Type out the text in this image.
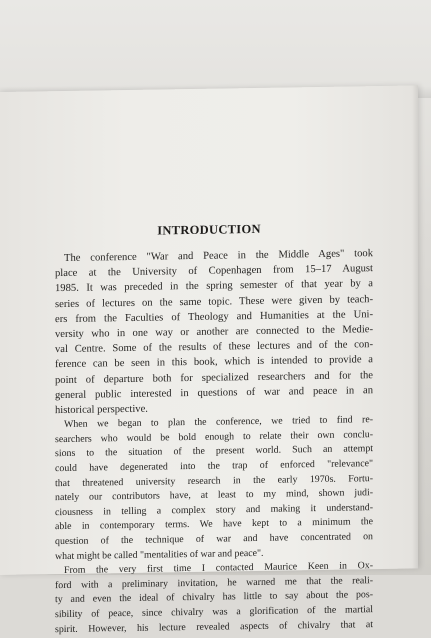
INTRODUCTION
The conference "War and Peace in the Middle Ages" took
place at the University of Copenhagen from 15–17 August
1985. It was preceded in the spring semester of that year by a
series of lectures on the same topic. These were given by teach-
ers from the Faculties of Theology and Humanities at the Uni-
versity who in one way or another are connected to the Medie-
val Centre. Some of the results of these lectures and of the con-
ference can be seen in this book, which is intended to provide a
point of departure both for specialized researchers and for the
general public interested in questions of war and peace in an
historical perspective.
When we began to plan the conference, we tried to find re-
searchers who would be bold enough to relate their own conclu-
sions to the situation of the present world. Such an attempt
could have degenerated into the trap of enforced "relevance"
that threatened university research in the early 1970s. Fortu-
nately our contributors have, at least to my mind, shown judi-
ciousness in telling a complex story and making it understand-
able in contemporary terms. We have kept to a minimum the
question of the technique of war and have concentrated on
what might be called "mentalities of war and peace".
From the very first time I contacted Maurice Keen in Ox-
ford with a preliminary invitation, he warned me that the reali-
ty and even the ideal of chivalry has little to say about the pos-
sibility of peace, since chivalry was a glorification of the martial
spirit. However, his lecture revealed aspects of chivalry that at
